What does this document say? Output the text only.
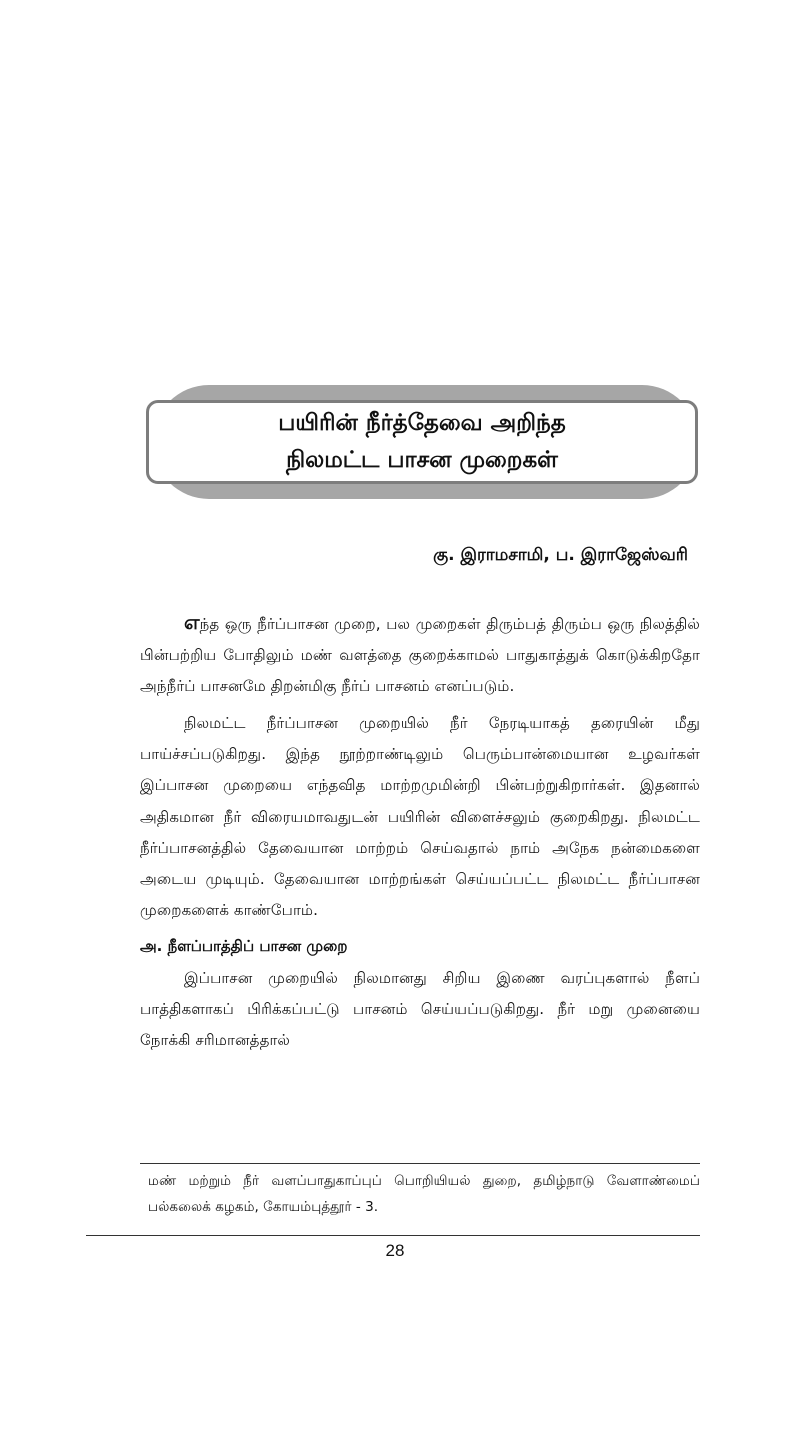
பயிரின் நீர்த்தேவை அறிந்த
நிலமட்ட பாசன முறைகள்
கு. இராமசாமி, ப. இராஜேஸ்வரி

எந்த ஒரு நீர்ப்பாசன முறை, பல முறைகள் திரும்பத் திரும்ப ஒரு நிலத்தில் பின்பற்றிய போதிலும் மண் வளத்தை குறைக்காமல் பாதுகாத்துக் கொடுக்கிறதோ அந்நீர்ப் பாசனமே திறன்மிகு நீர்ப் பாசனம் எனப்படும்.

நிலமட்ட நீர்ப்பாசன முறையில் நீர் நேரடியாகத் தரையின் மீது பாய்ச்சப்படுகிறது. இந்த நூற்றாண்டிலும் பெரும்பான்மையான உழவர்கள் இப்பாசன முறையை எந்தவித மாற்றமுமின்றி பின்பற்றுகிறார்கள். இதனால் அதிகமான நீர் விரையமாவதுடன் பயிரின் விளைச்சலும் குறைகிறது. நிலமட்ட நீர்ப்பாசனத்தில் தேவையான மாற்றம் செய்வதால் நாம் அநேக நன்மைகளை அடைய முடியும். தேவையான மாற்றங்கள் செய்யப்பட்ட நிலமட்ட நீர்ப்பாசன முறைகளைக் காண்போம்.

அ. நீளப்பாத்திப் பாசன முறை

இப்பாசன முறையில் நிலமானது சிறிய இணை வரப்புகளால் நீளப் பாத்திகளாகப் பிரிக்கப்பட்டு பாசனம் செய்யப்படுகிறது. நீர் மறு முனையை நோக்கி சரிமானத்தால்

மண் மற்றும் நீர் வளப்பாதுகாப்புப் பொறியியல் துறை, தமிழ்நாடு வேளாண்மைப் பல்கலைக் கழகம், கோயம்புத்தூர் - 3.

28
